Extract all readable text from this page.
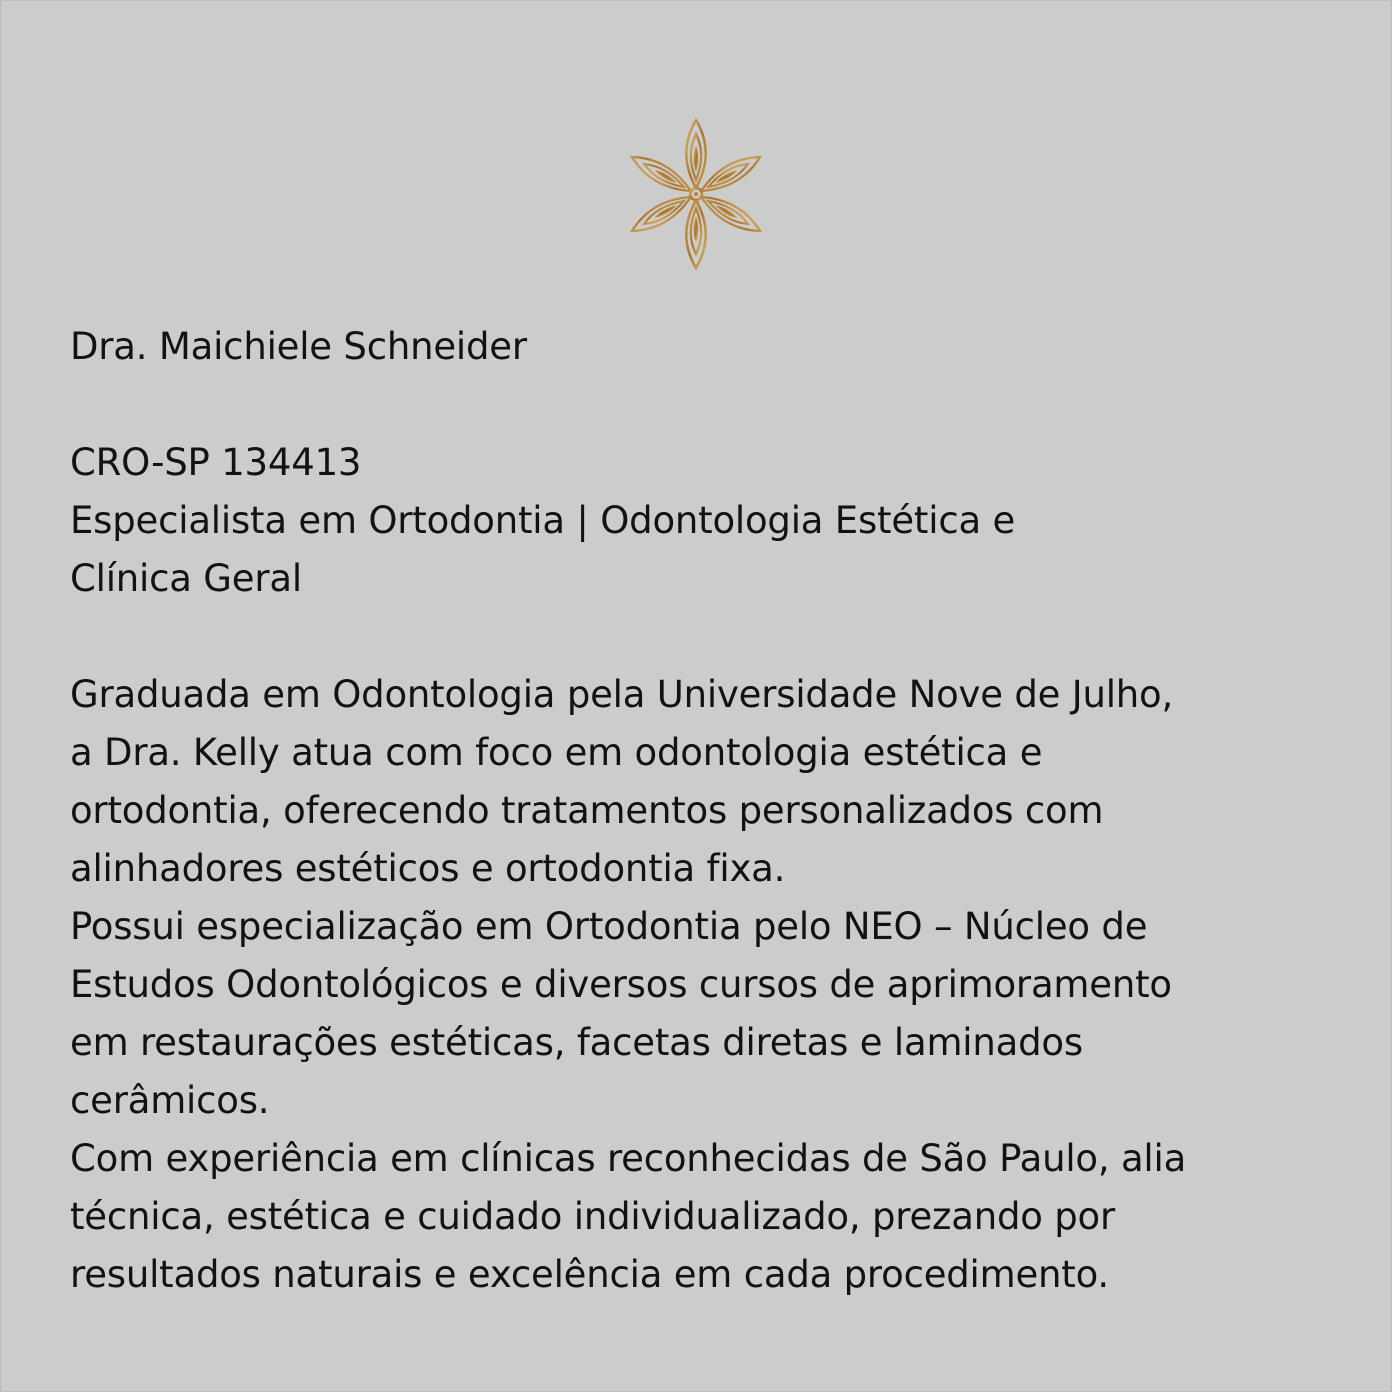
Dra. Maichiele Schneider

CRO-SP 134413
Especialista em Ortodontia | Odontologia Estética e
Clínica Geral
Graduada em Odontologia pela Universidade Nove de Julho,
a Dra. Kelly atua com foco em odontologia estética e
ortodontia, oferecendo tratamentos personalizados com
alinhadores estéticos e ortodontia fixa.
Possui especialização em Ortodontia pelo NEO – Núcleo de
Estudos Odontológicos e diversos cursos de aprimoramento
em restaurações estéticas, facetas diretas e laminados
cerâmicos.
Com experiência em clínicas reconhecidas de São Paulo, alia
técnica, estética e cuidado individualizado, prezando por
resultados naturais e excelência em cada procedimento.
